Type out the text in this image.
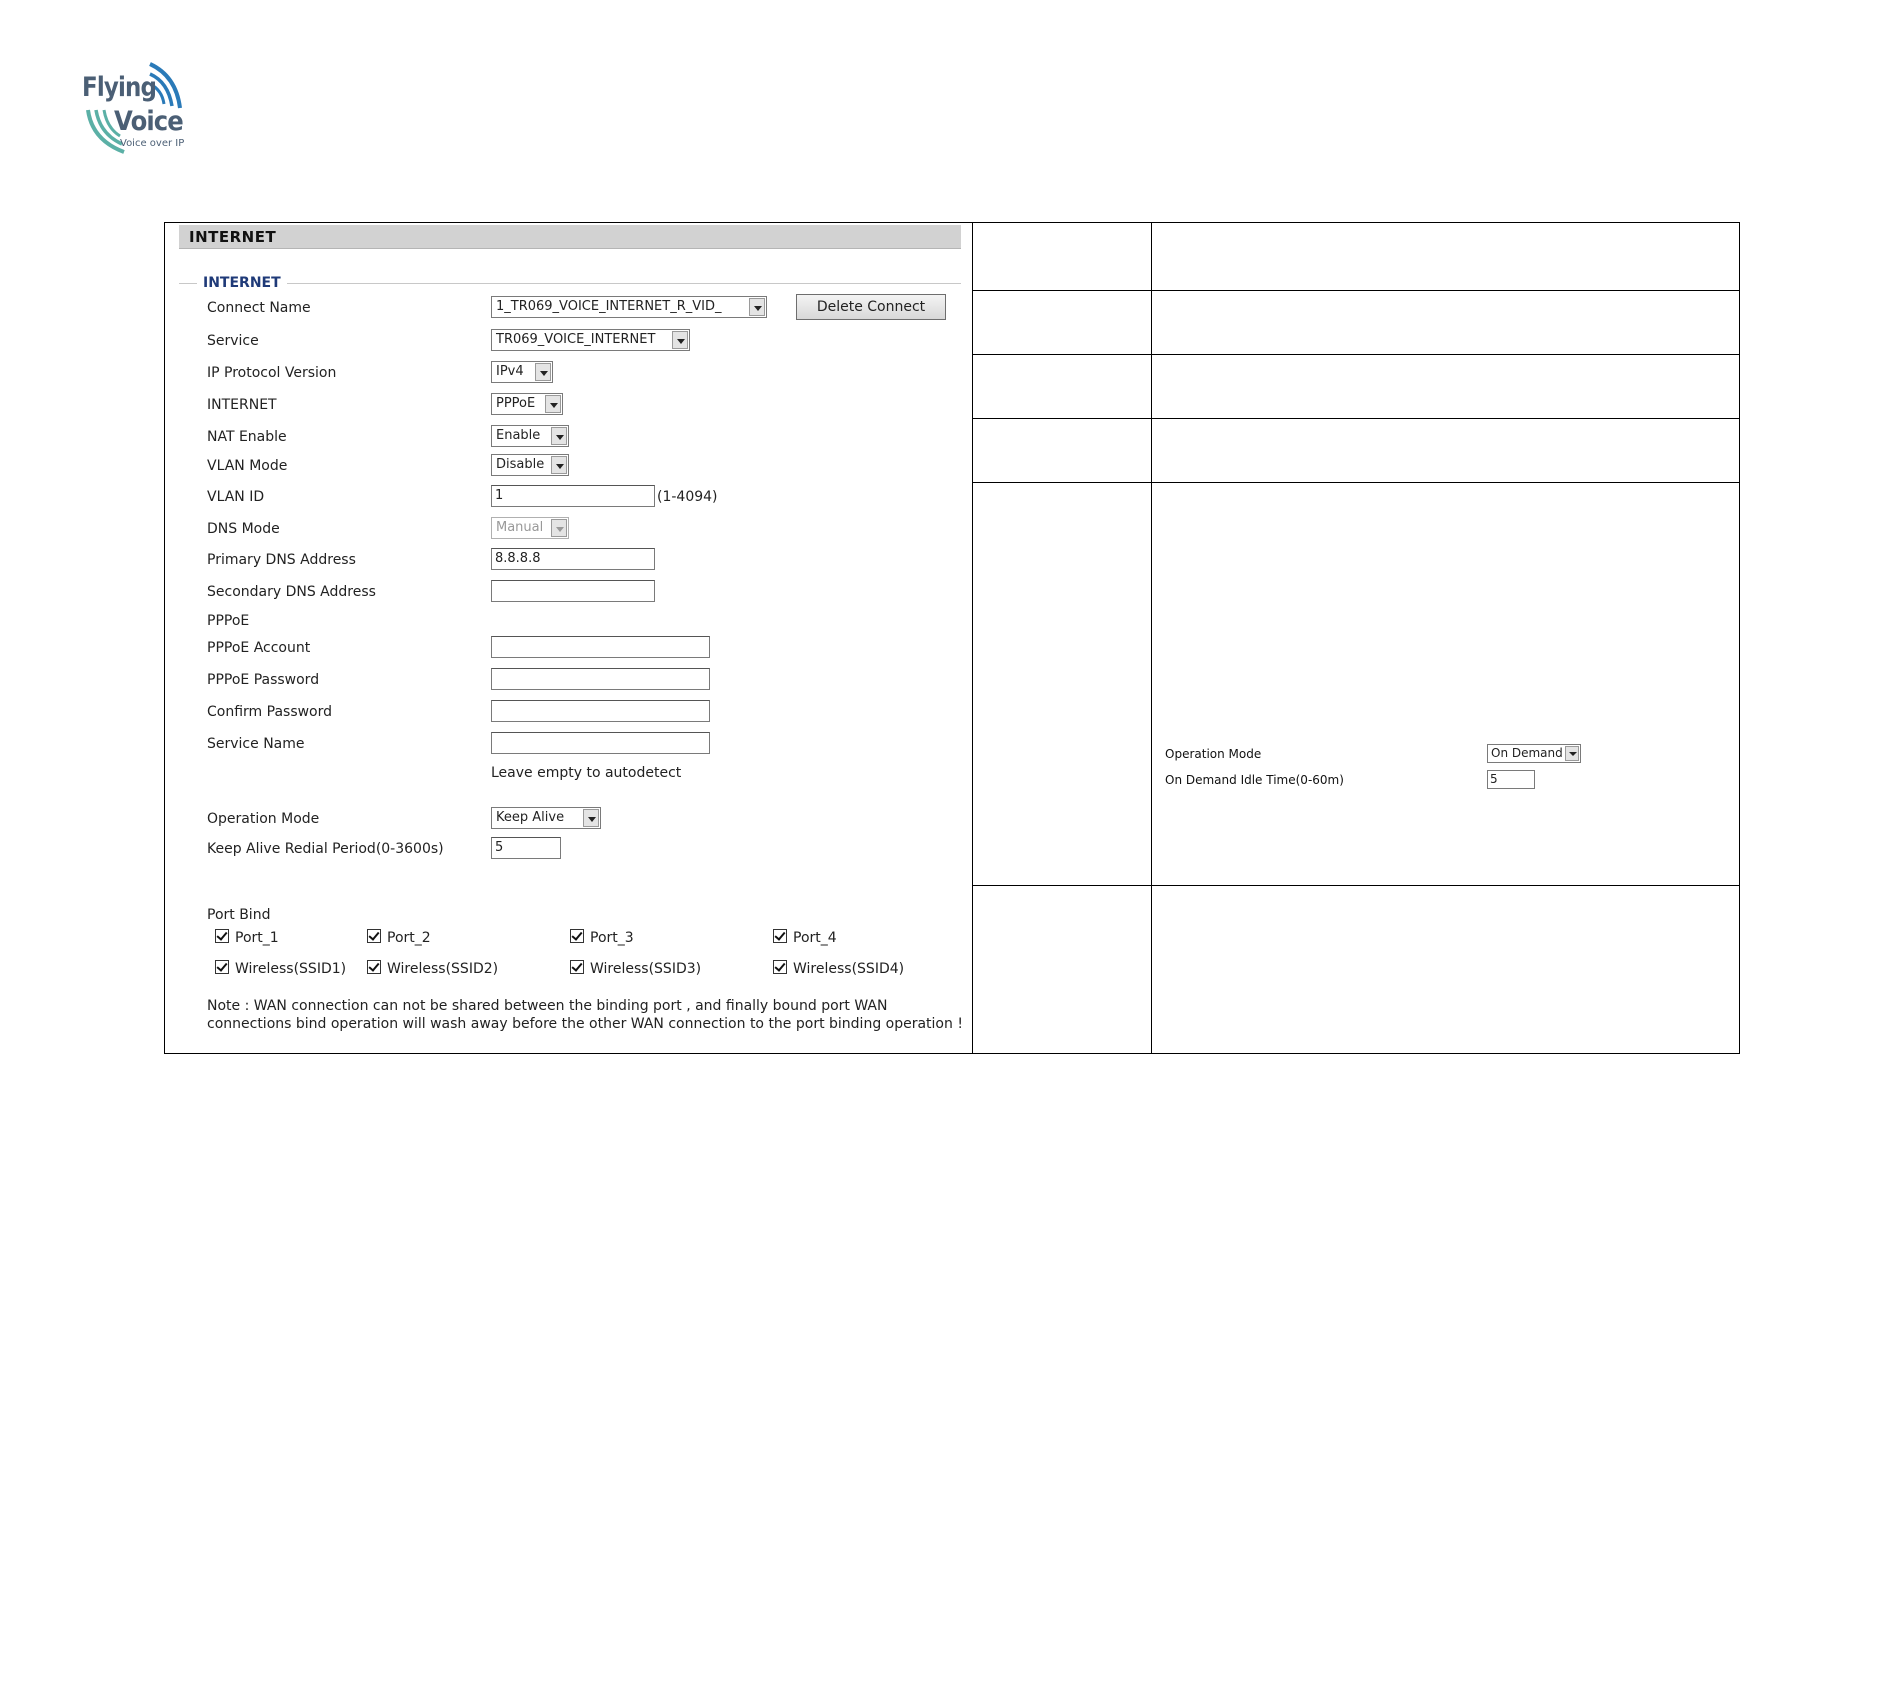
Flying
Voice
Voice over IP
INTERNET
INTERNET
Connect Name	1_TR069_VOICE_INTERNET_R_VID_	Delete Connect
Service	TR069_VOICE_INTERNET
IP Protocol Version	IPv4
INTERNET	PPPoE
NAT Enable	Enable
VLAN Mode	Disable
VLAN ID	1	(1-4094)
DNS Mode	Manual
Primary DNS Address	8.8.8.8
Secondary DNS Address
PPPoE
PPPoE Account
PPPoE Password
Confirm Password
Service Name
Leave empty to autodetect
Operation Mode	Keep Alive
Keep Alive Redial Period(0-3600s)	5
Port Bind
Port_1	Port_2	Port_3	Port_4
Wireless(SSID1)	Wireless(SSID2)	Wireless(SSID3)	Wireless(SSID4)
Note : WAN connection can not be shared between the binding port , and finally bound port WAN connections bind operation will wash away before the other WAN connection to the port binding operation !
Operation Mode	On Demand
On Demand Idle Time(0-60m)	5
